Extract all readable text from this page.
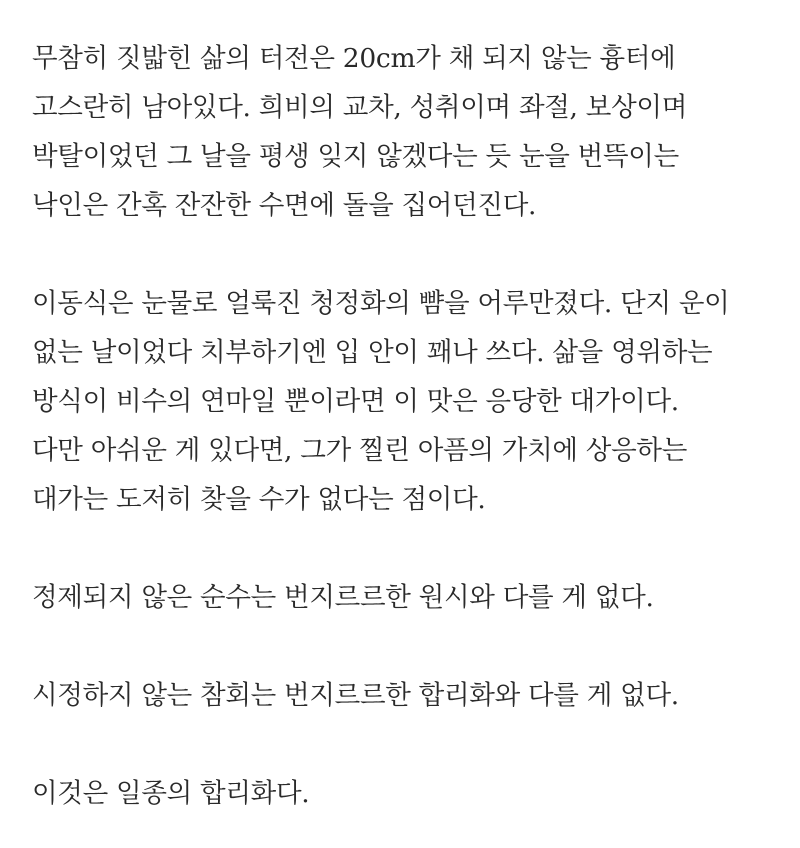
무참히 짓밟힌 삶의 터전은 20cm가 채 되지 않는 흉터에
고스란히 남아있다. 희비의 교차, 성취이며 좌절, 보상이며
박탈이었던 그 날을 평생 잊지 않겠다는 듯 눈을 번뜩이는
낙인은 간혹 잔잔한 수면에 돌을 집어던진다.
이동식은 눈물로 얼룩진 청정화의 뺨을 어루만졌다. 단지 운이
없는 날이었다 치부하기엔 입 안이 꽤나 쓰다. 삶을 영위하는
방식이 비수의 연마일 뿐이라면 이 맛은 응당한 대가이다.
다만 아쉬운 게 있다면, 그가 찔린 아픔의 가치에 상응하는
대가는 도저히 찾을 수가 없다는 점이다.
정제되지 않은 순수는 번지르르한 원시와 다를 게 없다.
시정하지 않는 참회는 번지르르한 합리화와 다를 게 없다.
이것은 일종의 합리화다.
